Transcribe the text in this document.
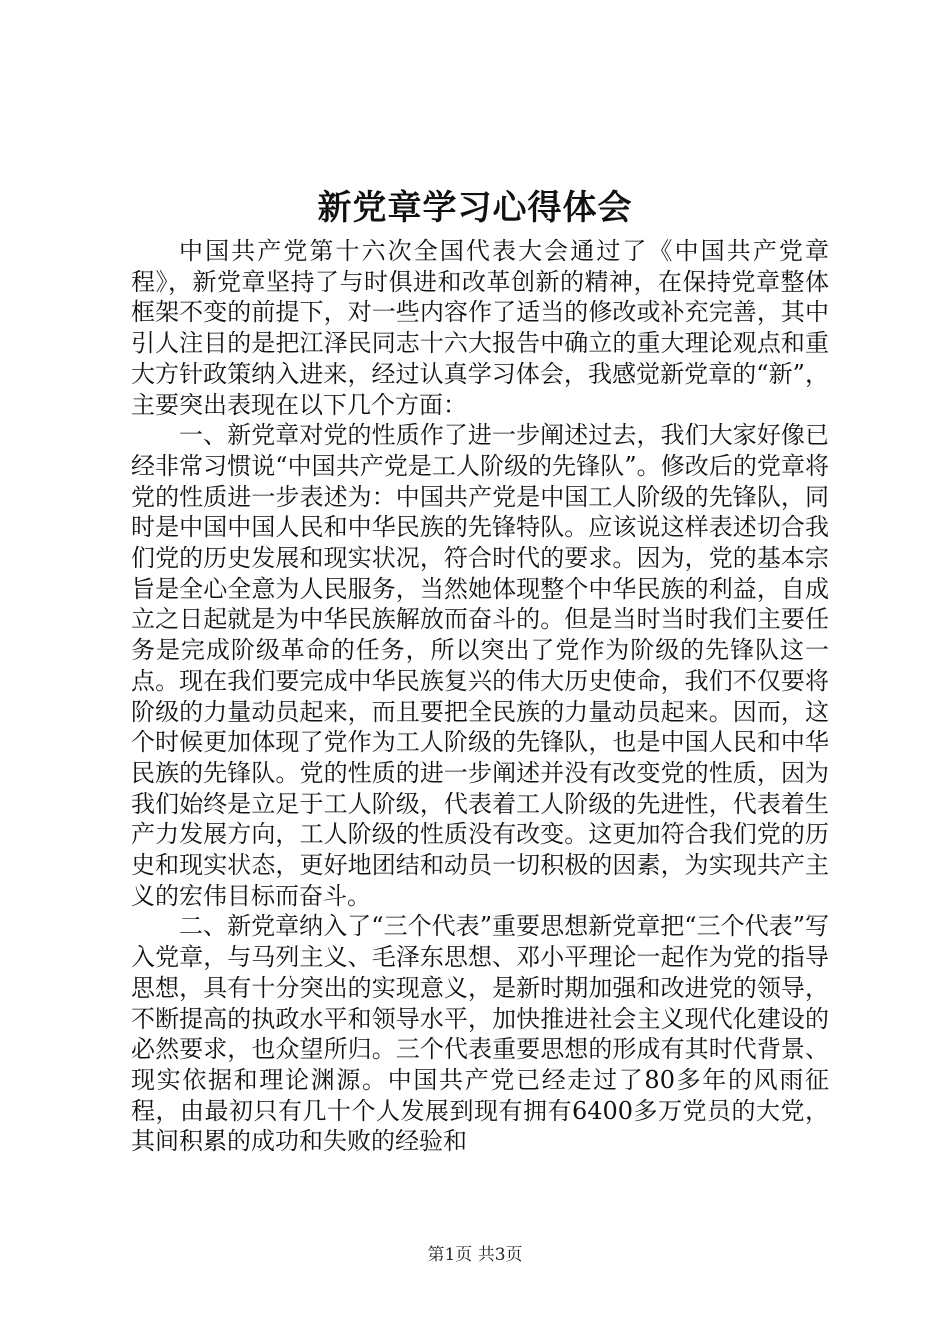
新党章学习心得体会

中国共产党第十六次全国代表大会通过了《中国共产党章程》，新党章坚持了与时俱进和改革创新的精神，在保持党章整体框架不变的前提下，对一些内容作了适当的修改或补充完善，其中引人注目的是把江泽民同志十六大报告中确立的重大理论观点和重大方针政策纳入进来，经过认真学习体会，我感觉新党章的“新”，主要突出表现在以下几个方面：

一、新党章对党的性质作了进一步阐述过去，我们大家好像已经非常习惯说“中国共产党是工人阶级的先锋队”。修改后的党章将党的性质进一步表述为：中国共产党是中国工人阶级的先锋队，同时是中国中国人民和中华民族的先锋特队。应该说这样表述切合我们党的历史发展和现实状况，符合时代的要求。因为，党的基本宗旨是全心全意为人民服务，当然她体现整个中华民族的利益，自成立之日起就是为中华民族解放而奋斗的。但是当时当时我们主要任务是完成阶级革命的任务，所以突出了党作为阶级的先锋队这一点。现在我们要完成中华民族复兴的伟大历史使命，我们不仅要将阶级的力量动员起来，而且要把全民族的力量动员起来。因而，这个时候更加体现了党作为工人阶级的先锋队，也是中国人民和中华民族的先锋队。党的性质的进一步阐述并没有改变党的性质，因为我们始终是立足于工人阶级，代表着工人阶级的先进性，代表着生产力发展方向，工人阶级的性质没有改变。这更加符合我们党的历史和现实状态，更好地团结和动员一切积极的因素，为实现共产主义的宏伟目标而奋斗。

二、新党章纳入了“三个代表”重要思想新党章把“三个代表”写入党章，与马列主义、毛泽东思想、邓小平理论一起作为党的指导思想，具有十分突出的实现意义，是新时期加强和改进党的领导，不断提高的执政水平和领导水平，加快推进社会主义现代化建设的必然要求，也众望所归。三个代表重要思想的形成有其时代背景、现实依据和理论渊源。中国共产党已经走过了80多年的风雨征程，由最初只有几十个人发展到现有拥有6400多万党员的大党，其间积累的成功和失败的经验和

第1页 共3页
